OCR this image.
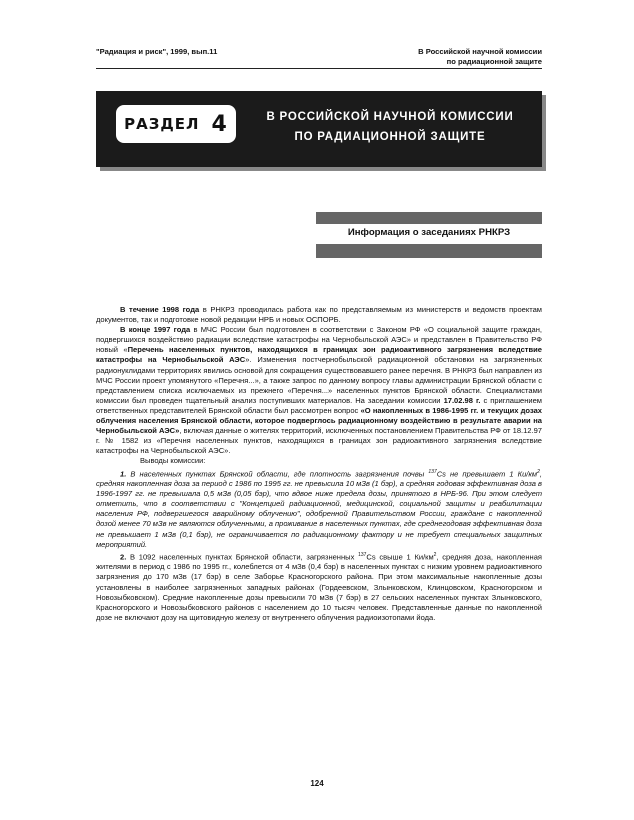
"Радиация и риск", 1999, вып.11	В Российской научной комиссии
по радиационной защите
РАЗДЕЛ 4	В РОССИЙСКОЙ НАУЧНОЙ КОМИССИИ
ПО РАДИАЦИОННОЙ ЗАЩИТЕ
Информация о заседаниях РНКРЗ

В течение 1998 года в РНКРЗ проводилась работа как по представляемым из министерств и ведомств проектам документов, так и подготовке новой редакции НРБ и новых ОСПОРБ.

В конце 1997 года в МЧС России был подготовлен в соответствии с Законом РФ «О социальной защите граждан, подвергшихся воздействию радиации вследствие катастрофы на Чернобыльской АЭС» и представлен в Правительство РФ новый «Перечень населенных пунктов, находящихся в границах зон радиоактивного загрязнения вследствие катастрофы на Чернобыльской АЭС». Изменения постчернобыльской радиационной обстановки на загрязненных радионуклидами территориях явились основой для сокращения существовавшего ранее перечня. В РНКРЗ был направлен из МЧС России проект упомянутого «Перечня...», а также запрос по данному вопросу главы администрации Брянской области с представлением списка исключаемых из прежнего «Перечня...» населенных пунктов Брянской области. Специалистами комиссии был проведен тщательный анализ поступивших материалов. На заседании комиссии 17.02.98 г. с приглашением ответственных представителей Брянской области был рассмотрен вопрос «О накопленных в 1986-1995 гг. и текущих дозах облучения населения Брянской области, которое подверглось радиационному воздействию в результате аварии на Чернобыльской АЭС», включая данные о жителях территорий, исключенных постановлением Правительства РФ от 18.12.97 г. № 1582 из «Перечня населенных пунктов, находящихся в границах зон радиоактивного загрязнения вследствие катастрофы на Чернобыльской АЭС».

Выводы комиссии:

1. В населенных пунктах Брянской области, где плотность загрязнения почвы $^{137}$Cs не превышает 1 $Ки/км^2$, средняя накопленная доза за период с 1986 по 1995 гг. не превысила 10 мЗв (1 бэр), а средняя годовая эффективная доза в 1996-1997 гг. не превышала 0,5 мЗв (0,05 бэр), что вдвое ниже предела дозы, принятого в НРБ-96. При этом следует отметить, что в соответствии с "Концепцией радиационной, медицинской, социальной защиты и реабилитации населения РФ, подвергшегося аварийному облучению", одобренной Правительством России, граждане с накопленной дозой менее 70 мЗв не являются облученными, а проживание в населенных пунктах, где среднегодовая эффективная доза не превышает 1 мЗв (0,1 бэр), не ограничивается по радиационному фактору и не требует специальных защитных мероприятий.

2. В 1092 населенных пунктах Брянской области, загрязненных $^{137}$Cs свыше 1 $Ки/км^2$, средняя доза, накопленная жителями в период с 1986 по 1995 гг., колеблется от 4 мЗв (0,4 бэр) в населенных пунктах с низким уровнем радиоактивного загрязнения до 170 мЗв (17 бэр) в селе Заборье Красногорского района. При этом максимальные накопленные дозы установлены в наиболее загрязненных западных районах (Гордеевском, Злынковском, Клинцовском, Красногорском и Новозыбковском). Средние накопленные дозы превысили 70 мЗв (7 бэр) в 27 сельских населенных пунктах Злынковского, Красногорского и Новозыбковского районов с населением до 10 тысяч человек. Представленные данные по накопленной дозе не включают дозу на щитовидную железу от внутреннего облучения радиоизотопами йода.

124
